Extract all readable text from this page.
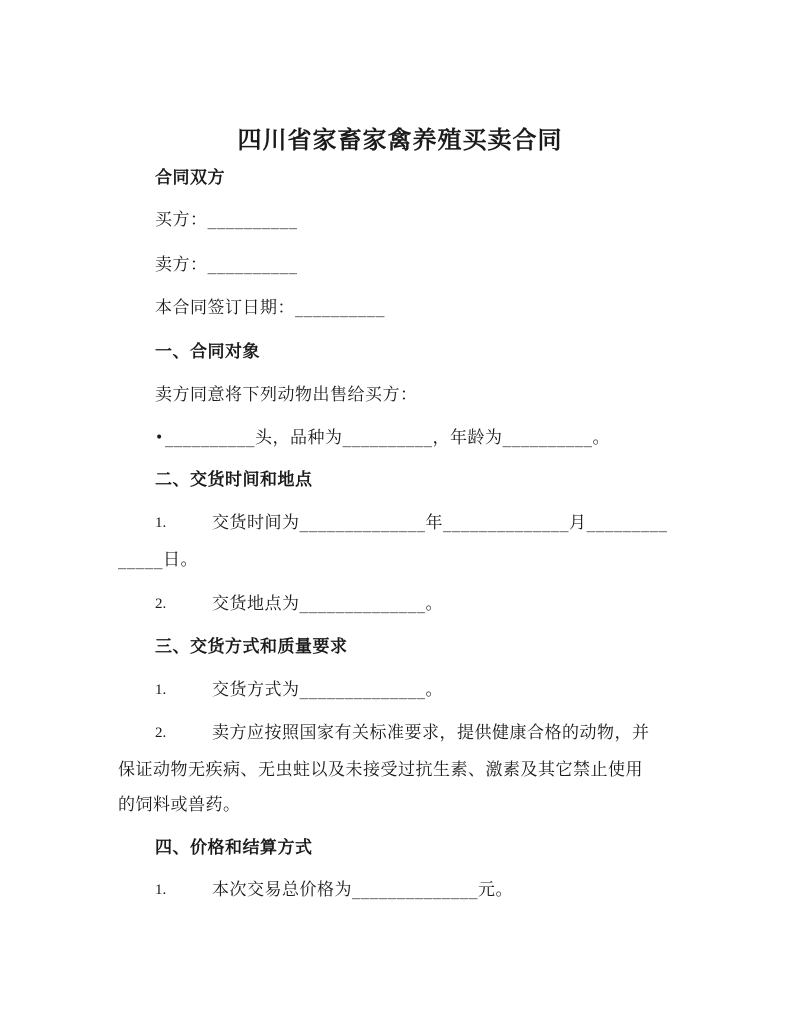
四川省家畜家禽养殖买卖合同
合同双方
买方：__________
卖方：__________
本合同签订日期：__________
一、合同对象
卖方同意将下列动物出售给买方：
• __________头，品种为__________，年龄为__________。
二、交货时间和地点
1.	交货时间为______________年______________月_________
_____日。
2.	交货地点为______________。
三、交货方式和质量要求
1.	交货方式为______________。
2.	卖方应按照国家有关标准要求，提供健康合格的动物，并
保证动物无疾病、无虫蛀以及未接受过抗生素、激素及其它禁止使用
的饲料或兽药。
四、价格和结算方式
1.	本次交易总价格为______________元。
